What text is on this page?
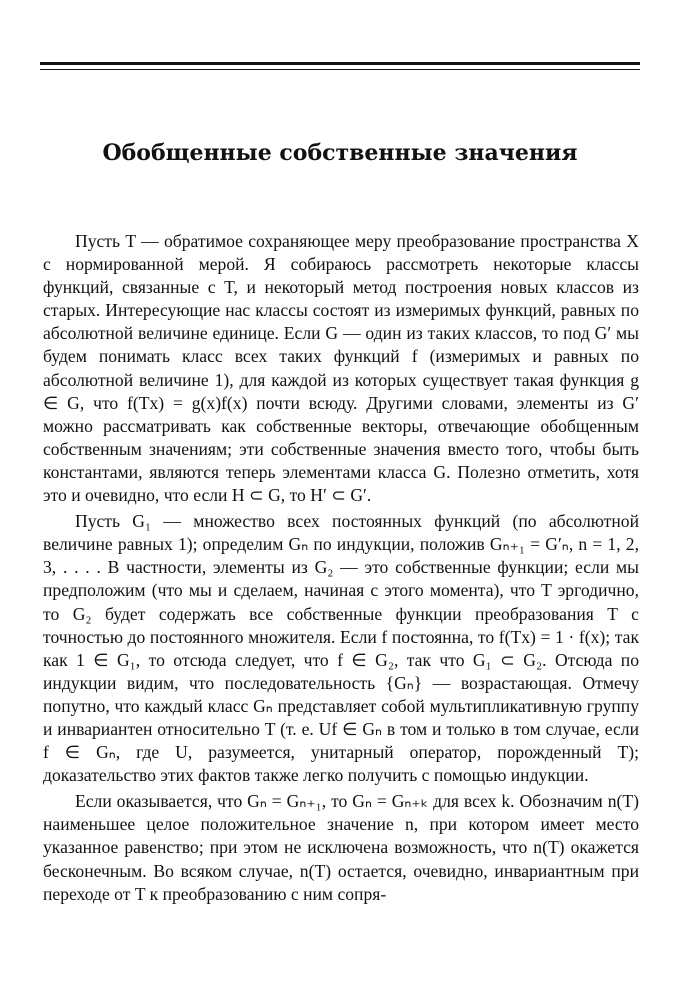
Обобщенные собственные значения

Пусть T — обратимое сохраняющее меру преобразование пространства X с нормированной мерой. Я собираюсь рассмотреть некоторые классы функций, связанные с T, и некоторый метод построения новых классов из старых. Интересующие нас классы состоят из измеримых функций, равных по абсолютной величине единице. Если G — один из таких классов, то под G′ мы будем понимать класс всех таких функций f (измеримых и равных по абсолютной величине 1), для каждой из которых существует такая функция g ∈ G, что f(Tx) = g(x)f(x) почти всюду. Другими словами, элементы из G′ можно рассматривать как собственные векторы, отвечающие обобщенным собственным значениям; эти собственные значения вместо того, чтобы быть константами, являются теперь элементами класса G. Полезно отметить, хотя это и очевидно, что если H ⊂ G, то H′ ⊂ G′.

Пусть G₁ — множество всех постоянных функций (по абсолютной величине равных 1); определим Gₙ по индукции, положив Gₙ₊₁ = G′ₙ, n = 1, 2, 3, . . . . В частности, элементы из G₂ — это собственные функции; если мы предположим (что мы и сделаем, начиная с этого момента), что T эргодично, то G₂ будет содержать все собственные функции преобразования T с точностью до постоянного множителя. Если f постоянна, то f(Tx) = 1 · f(x); так как 1 ∈ G₁, то отсюда следует, что f ∈ G₂, так что G₁ ⊂ G₂. Отсюда по индукции видим, что последовательность {Gₙ} — возрастающая. Отмечу попутно, что каждый класс Gₙ представляет собой мультипликативную группу и инвариантен относительно T (т. е. Uf ∈ Gₙ в том и только в том случае, если f ∈ Gₙ, где U, разумеется, унитарный оператор, порожденный T); доказательство этих фактов также легко получить с помощью индукции.

Если оказывается, что Gₙ = Gₙ₊₁, то Gₙ = Gₙ₊ₖ для всех k. Обозначим n(T) наименьшее целое положительное значение n, при котором имеет место указанное равенство; при этом не исключена возможность, что n(T) окажется бесконечным. Во всяком случае, n(T) остается, очевидно, инвариантным при переходе от T к преобразованию с ним сопря-
